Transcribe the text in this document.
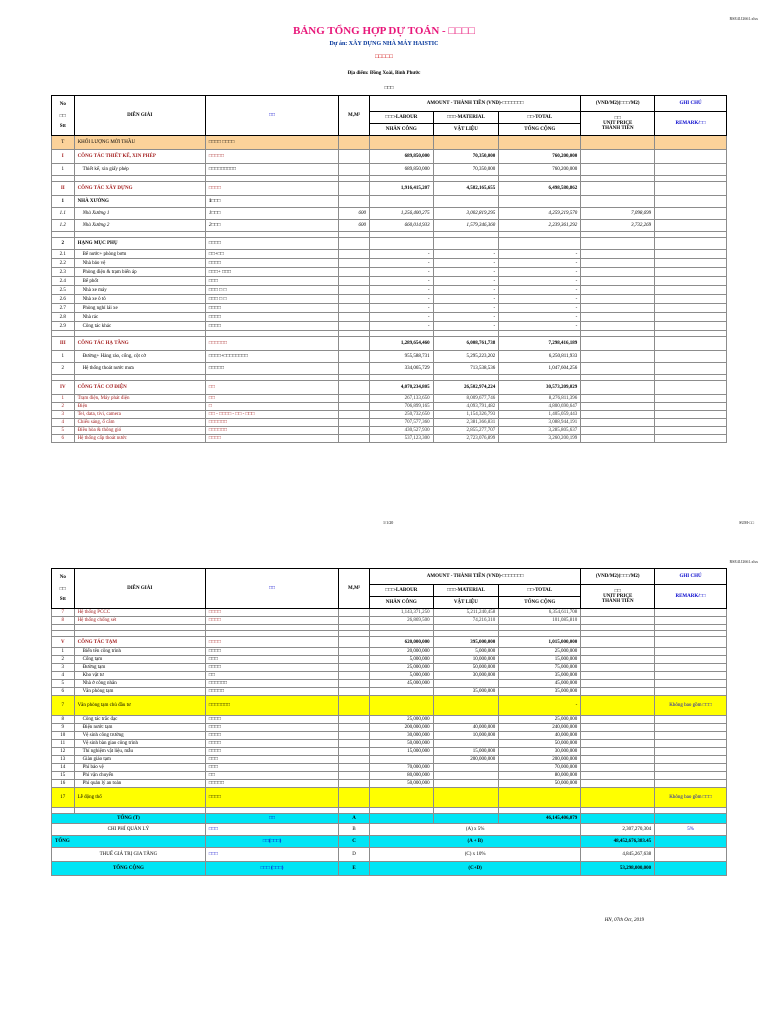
RSE41J2661.xlsx
BẢNG TỔNG HỢP DỰ TOÁN - □□□□
Dự án: XÂY DỰNG NHÀ MÁY HAISTIC
□□□□□
Địa điểm: Đồng Xoài, Bình Phước
□□□
No
□□
Stt	DIỄN GIẢI	□□	M,M²	AMOUNT - THÀNH TIỀN (VND)-□□□□□□□			(VND/M2)(□□□/M2)	GHI CHÚ
				□□□-LABOUR	□□□-MATERIAL	□□-TOTAL	□□
UNIT PRICE
THÀNH TIỀN	REMARK/□□
				NHÂN CÔNG	VẬT LIỆU	TỔNG CỘNG		
T	KHỐI LƯỢNG MỜI THẦU	□□□□ □□□□						
I	CÔNG TÁC THIẾT KẾ, XIN PHÉP	□□□□□		689,850,000	70,350,000	760,200,000		
1	Thiết kế, xin giấy phép	□□□□□□□□□		689,850,000	70,350,000	760,200,000		

II	CÔNG TÁC XÂY DỰNG	□□□□		1,916,415,207	4,582,165,655	6,498,580,862		
1	NHÀ XƯỞNG	1□□□						
1.1	Nhà Xưởng 1	1□□□	600	1,256,400,275	3,002,819,295	4,259,219,570	7,098,699	
1.2	Nhà Xưởng 2	2□□□	600	660,014,933	1,579,346,360	2,239,361,292	3,732,269	

2	HẠNG MỤC PHỤ	□□□□						
2.1	Bể nước+ phòng bơm	□□+□□		-	-	-		
2.2	Nhà bảo vệ	□□□□		-	-	-		
2.3	Phòng điện & trạm biến áp	□□□+ □□□		-	-	-		
2.4	Bể phốt	□□□		-	-	-		
2.5	Nhà xe máy	□□□ □ □		-	-	-		
2.6	Nhà xe ô tô	□□□ □ □		-	-	-		
2.7	Phòng nghỉ lái xe	□□□□		-	-	-		
2.8	Nhà rác	□□□□		-	-	-		
2.9	Công tác khác	□□□□		-	-	-		

III	CÔNG TÁC HẠ TẦNG	□□□□□□		1,289,654,460	6,008,761,738	7,298,416,189		
1	Đường+ Hàng rào, cổng, cột cờ	□□□□+□□□□□□□□		955,588,731	5,295,223,202	6,250,811,933		
2	Hệ thống thoát nước mưa	□□□□□		334,065,729	713,538,536	1,047,604,256		

IV	CÔNG TÁC CƠ ĐIỆN	□□		4,070,234,805	26,502,974,224	30,573,209,029		
1	Trạm điện, Máy phát điện	□□		267,133,650	8,009,677,746	8,276,811,396		
2	Điện	□		706,899,165	4,093,791,482	4,800,690,647		
3	Tel, data, tivi, camera	□□ - □□□□ - □□ - □□□		250,732,650	1,154,326,793	1,405,059,443		
4	Chiếu sáng, ổ cắm	□□□□□□		707,577,360	2,381,366,831	3,088,944,191		
5	Điều hòa & thông gió	□□□□□□		430,527,930	2,855,277,707	3,285,805,637		
6	Hệ thống cấp thoát nước	□□□□		537,123,300	2,723,076,899	3,260,200,199		
1/1/20	SUM-□□
RSE41J2661.xlsx
No
□□
Stt	DIỄN GIẢI	□□	M,M²	AMOUNT - THÀNH TIỀN (VND)-□□□□□□□			(VND/M2)(□□□/M2)	GHI CHÚ
				□□□-LABOUR	□□□-MATERIAL	□□-TOTAL	□□
UNIT PRICE
THÀNH TIỀN	REMARK/□□
				NHÂN CÔNG	VẬT LIỆU	TỔNG CỘNG		
7	Hệ thống PCCC	□□□□		1,143,371,250	5,211,240,458	6,354,611,708		
8	Hệ thống chống sét	□□□□		26,869,500	74,216,310	101,085,810		

V	CÔNG TÁC TẠM	□□□□		620,000,000	395,000,000	1,015,000,000		
1	Biển tên công trình	□□□□		20,000,000	5,000,000	25,000,000		
2	Cổng tạm	□□□		5,000,000	10,000,000	15,000,000		
3	Đường tạm	□□□□		25,000,000	50,000,000	75,000,000		
4	Kho vật tư	□□		5,000,000	30,000,000	35,000,000		
5	Nhà ở công nhân	□□□□□□		45,000,000		45,000,000		
6	Văn phòng tạm	□□□□□			35,000,000	35,000,000		
7	Văn phòng tạm chủ đầu tư	□□□□□□□				-		Không bao gồm □□□
8	Công tác trắc đạc	□□□□		25,000,000		25,000,000		
9	Điện nước tạm	□□□□		200,000,000	40,000,000	240,000,000		
10	Vệ sinh công trường	□□□□		30,000,000	10,000,000	40,000,000		
11	Vệ sinh bàn giao công trình	□□□□		50,000,000		50,000,000		
12	Thí nghiệm vật liệu, mẫu	□□□□		15,000,000	15,000,000	30,000,000		
13	Giàn giáo tạm	□□□			200,000,000	200,000,000		
14	Phí bảo vệ	□□□		70,000,000		70,000,000		
15	Phí vận chuyển	□□		80,000,000		80,000,000		
16	Phí quản lý an toàn	□□□□□		50,000,000		50,000,000		
17	Lễ động thổ	□□□□						Không bao gồm □□□

TỔNG (T)		□□	A			46,145,406,079		
CHI PHÍ QUẢN LÝ		□□□	B	(A) x 5%			2,307,270,304	5%
TỔNG		□□(□□□)	C	(A + B)			48,452,676,383.45	
THUẾ GIÁ TRỊ GIA TĂNG		□□□	D	(C) x 10%			4,845,267,638	
TỔNG CỘNG		□□□ (□□□)	E	(C+D)			53,298,000,000	
HN, 07th Oct, 2019
